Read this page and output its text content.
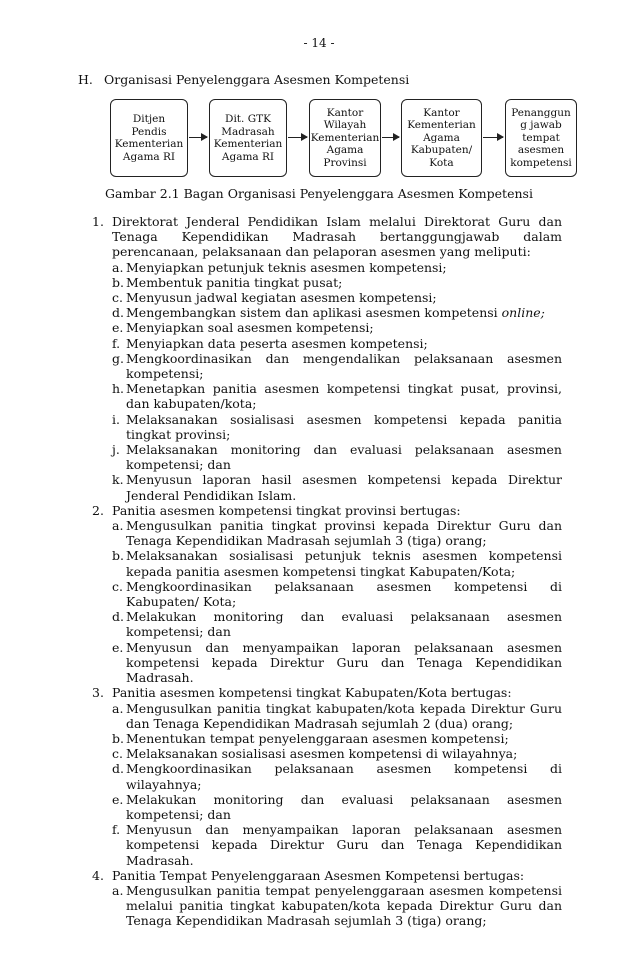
- 14 -
H. Organisasi Penyelenggara Asesmen Kompetensi
Ditjen
Pendis
Kementerian
Agama RI
Dit. GTK
Madrasah
Kementerian
Agama RI
Kantor
Wilayah
Kementerian
Agama
Provinsi
Kantor
Kementerian
Agama
Kabupaten/
Kota
Penanggun
g jawab
tempat
asesmen
kompetensi
Gambar 2.1 Bagan Organisasi Penyelenggara Asesmen Kompetensi
1. Direktorat Jenderal Pendidikan Islam melalui Direktorat Guru dan Tenaga Kependidikan Madrasah bertanggungjawab dalam perencanaan, pelaksanaan dan pelaporan asesmen yang meliputi:
a. Menyiapkan petunjuk teknis asesmen kompetensi;
b. Membentuk panitia tingkat pusat;
c. Menyusun jadwal kegiatan asesmen kompetensi;
d. Mengembangkan sistem dan aplikasi asesmen kompetensi online;
e. Menyiapkan soal asesmen kompetensi;
f. Menyiapkan data peserta asesmen kompetensi;
g. Mengkoordinasikan dan mengendalikan pelaksanaan asesmen kompetensi;
h. Menetapkan panitia asesmen kompetensi tingkat pusat, provinsi, dan kabupaten/kota;
i. Melaksanakan sosialisasi asesmen kompetensi kepada panitia tingkat provinsi;
j. Melaksanakan monitoring dan evaluasi pelaksanaan asesmen kompetensi; dan
k. Menyusun laporan hasil asesmen kompetensi kepada Direktur Jenderal Pendidikan Islam.
2. Panitia asesmen kompetensi tingkat provinsi bertugas:
a. Mengusulkan panitia tingkat provinsi kepada Direktur Guru dan Tenaga Kependidikan Madrasah sejumlah 3 (tiga) orang;
b. Melaksanakan sosialisasi petunjuk teknis asesmen kompetensi kepada panitia asesmen kompetensi tingkat Kabupaten/Kota;
c. Mengkoordinasikan pelaksanaan asesmen kompetensi di Kabupaten/ Kota;
d. Melakukan monitoring dan evaluasi pelaksanaan asesmen kompetensi; dan
e. Menyusun dan menyampaikan laporan pelaksanaan asesmen kompetensi kepada Direktur Guru dan Tenaga Kependidikan Madrasah.
3. Panitia asesmen kompetensi tingkat Kabupaten/Kota bertugas:
a. Mengusulkan panitia tingkat kabupaten/kota kepada Direktur Guru dan Tenaga Kependidikan Madrasah sejumlah 2 (dua) orang;
b. Menentukan tempat penyelenggaraan asesmen kompetensi;
c. Melaksanakan sosialisasi asesmen kompetensi di wilayahnya;
d. Mengkoordinasikan pelaksanaan asesmen kompetensi di wilayahnya;
e. Melakukan monitoring dan evaluasi pelaksanaan asesmen kompetensi; dan
f. Menyusun dan menyampaikan laporan pelaksanaan asesmen kompetensi kepada Direktur Guru dan Tenaga Kependidikan Madrasah.
4. Panitia Tempat Penyelenggaraan Asesmen Kompetensi bertugas:
a. Mengusulkan panitia tempat penyelenggaraan asesmen kompetensi melalui panitia tingkat kabupaten/kota kepada Direktur Guru dan Tenaga Kependidikan Madrasah sejumlah 3 (tiga) orang;
